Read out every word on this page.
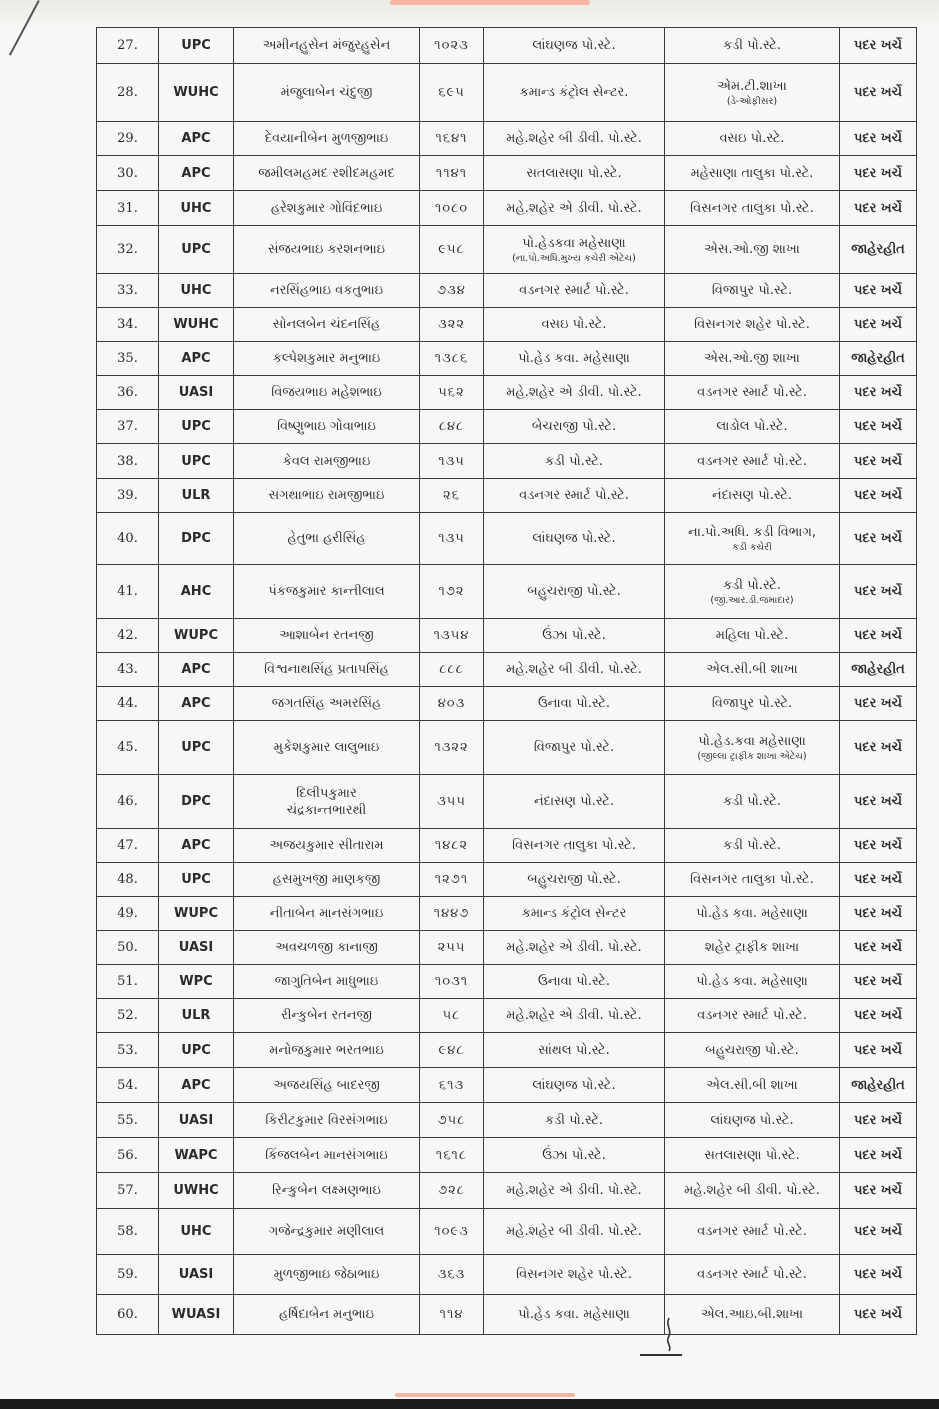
27.	UPC	અમીનહુસેન મંજુરહુસેન	૧૦૨૩	લાંઘણજ પો.સ્ટે.	કડી પો.સ્ટે.	પદર ખર્ચે

28.	WUHC	મંજુલાબેન ચંદુજી	૬૯૫	કમાન્ડ કંટ્રોલ સેન્ટર.	એમ.ટી.શાખા
(ડે-ઓફીસર)	પદર ખર્ચે

29.	APC	દેવયાનીબેન મુળજીભાઇ	૧૬૪૧	મહે.શહેર બી ડીવી. પો.સ્ટે.	વસઇ પો.સ્ટે.	પદર ખર્ચે

30.	APC	જમીલમહમદ રશીદમહમદ	૧૧૪૧	સતલાસણા પો.સ્ટે.	મહેસાણા તાલુકા પો.સ્ટે.	પદર ખર્ચે

31.	UHC	હરેશકુમાર ગોવિંદભાઇ	૧૦૮૦	મહે.શહેર એ ડીવી. પો.સ્ટે.	વિસનગર તાલુકા પો.સ્ટે.	પદર ખર્ચે

32.	UPC	સંજયભાઇ કરશનભાઇ	૯૫૮	પો.હેડકવા મહેસાણા
(ના.પો.અધિ.મુખ્ય કચેરી એટેચ)	એસ.ઓ.જી શાખા	જાહેરહીત

33.	UHC	નરસિંહભાઇ વકતુભાઇ	૭૩૪	વડનગર સ્માર્ટ પો.સ્ટે.	વિજાપુર પો.સ્ટે.	પદર ખર્ચે

34.	WUHC	સોનલબેન ચંદનસિંહ	૩૨૨	વસઇ પો.સ્ટે.	વિસનગર શહેર પો.સ્ટે.	પદર ખર્ચે

35.	APC	કલ્પેશકુમાર મનુભાઇ	૧૩૮૬	પો.હેડ કવા. મહેસાણા	એસ.ઓ.જી શાખા	જાહેરહીત

36.	UASI	વિજયભાઇ મહેશભાઇ	૫૬૨	મહે.શહેર એ ડીવી. પો.સ્ટે.	વડનગર સ્માર્ટ પો.સ્ટે.	પદર ખર્ચે

37.	UPC	વિષ્ણુભાઇ ગોવાભાઇ	૮૪૮	બેચરાજી પો.સ્ટે.	લાડોલ પો.સ્ટે.	પદર ખર્ચે

38.	UPC	કેવલ રામજીભાઇ	૧૩૫	કડી પો.સ્ટે.	વડનગર સ્માર્ટ પો.સ્ટે.	પદર ખર્ચે

39.	ULR	સગથાભાઇ રામજીભાઇ	૨૬	વડનગર સ્માર્ટ પો.સ્ટે.	નંદાસણ પો.સ્ટે.	પદર ખર્ચે

40.	DPC	હેતુભા હરીસિંહ	૧૩૫	લાંઘણજ પો.સ્ટે.	ના.પો.અધિ. કડી વિભાગ,
કડી કચેરી	પદર ખર્ચે

41.	AHC	પંકજકુમાર કાન્તીલાલ	૧૭૨	બહુચરાજી પો.સ્ટે.	કડી પો.સ્ટે.
(જી.આર.ડી.જમાદાર)	પદર ખર્ચે

42.	WUPC	આશાબેન રતનજી	૧૩૫૪	ઉંઝા પો.સ્ટે.	મહિલા પો.સ્ટે.	પદર ખર્ચે

43.	APC	વિશ્વનાથસિંહ પ્રતાપસિંહ	૮૮૮	મહે.શહેર બી ડીવી. પો.સ્ટે.	એલ.સી.બી શાખા	જાહેરહીત

44.	APC	જગતસિંહ અમરસિંહ	૪૦૩	ઉનાવા પો.સ્ટે.	વિજાપુર પો.સ્ટે.	પદર ખર્ચે

45.	UPC	મુકેશકુમાર લાલુભાઇ	૧૩૨૨	વિજાપુર પો.સ્ટે.	પો.હેડ.કવા મહેસાણા
(જીલ્લા ટ્રાફીક શાખા એટેચ)	પદર ખર્ચે

46.	DPC	દિલીપકુમાર
ચંદ્રકાન્તભારથી	૩૫૫	નંદાસણ પો.સ્ટે.	કડી પો.સ્ટે.	પદર ખર્ચે

47.	APC	અજયકુમાર સીતારામ	૧૪૮૨	વિસનગર તાલુકા પો.સ્ટે.	કડી પો.સ્ટે.	પદર ખર્ચે

48.	UPC	હસમુખજી માણકજી	૧૨૭૧	બહુચરાજી પો.સ્ટે.	વિસનગર તાલુકા પો.સ્ટે.	પદર ખર્ચે

49.	WUPC	નીતાબેન માનસંગભાઇ	૧૪૪૭	કમાન્ડ કંટ્રોલ સેન્ટર	પો.હેડ કવા. મહેસાણા	પદર ખર્ચે

50.	UASI	અવચળજી કાનાજી	૨૫૫	મહે.શહેર એ ડીવી. પો.સ્ટે.	શહેર ટ્રાફીક શાખા	પદર ખર્ચે

51.	WPC	જાગુતિબેન માધુભાઇ	૧૦૩૧	ઉનાવા પો.સ્ટે.	પો.હેડ કવા. મહેસાણા	પદર ખર્ચે

52.	ULR	રીન્કુબેન રતનજી	૫૮	મહે.શહેર એ ડીવી. પો.સ્ટે.	વડનગર સ્માર્ટ પો.સ્ટે.	પદર ખર્ચે

53.	UPC	મનોજકુમાર ભરતભાઇ	૯૪૮	સાંથલ પો.સ્ટે.	બહુચરાજી પો.સ્ટે.	પદર ખર્ચે

54.	APC	અજયસિંહ બાદરજી	૬૧૩	લાંઘણજ પો.સ્ટે.	એલ.સી.બી શાખા	જાહેરહીત

55.	UASI	કિરીટકુમાર વિરસંગભાઇ	૭૫૮	કડી પો.સ્ટે.	લાંઘણજ પો.સ્ટે.	પદર ખર્ચે

56.	WAPC	કિંજલબેન માનસંગભાઇ	૧૬૧૮	ઉંઝા પો.સ્ટે.	સતલાસણા પો.સ્ટે.	પદર ખર્ચે

57.	UWHC	રિન્કુબેન લક્ષ્મણભાઇ	૭૨૮	મહે.શહેર એ ડીવી. પો.સ્ટે.	મહે.શહેર બી ડીવી. પો.સ્ટે.	પદર ખર્ચે

58.	UHC	ગજેન્દ્રકુમાર મણીલાલ	૧૦૯૩	મહે.શહેર બી ડીવી. પો.સ્ટે.	વડનગર સ્માર્ટ પો.સ્ટે.	પદર ખર્ચે

59.	UASI	મુળજીભાઇ જેઠાભાઇ	૩૬૩	વિસનગર શહેર પો.સ્ટે.	વડનગર સ્માર્ટ પો.સ્ટે.	પદર ખર્ચે

60.	WUASI	હર્ષિદાબેન મનુભાઇ	૧૧૪	પો.હેડ કવા. મહેસાણા	એલ.આઇ.બી.શાખા	પદર ખર્ચે
